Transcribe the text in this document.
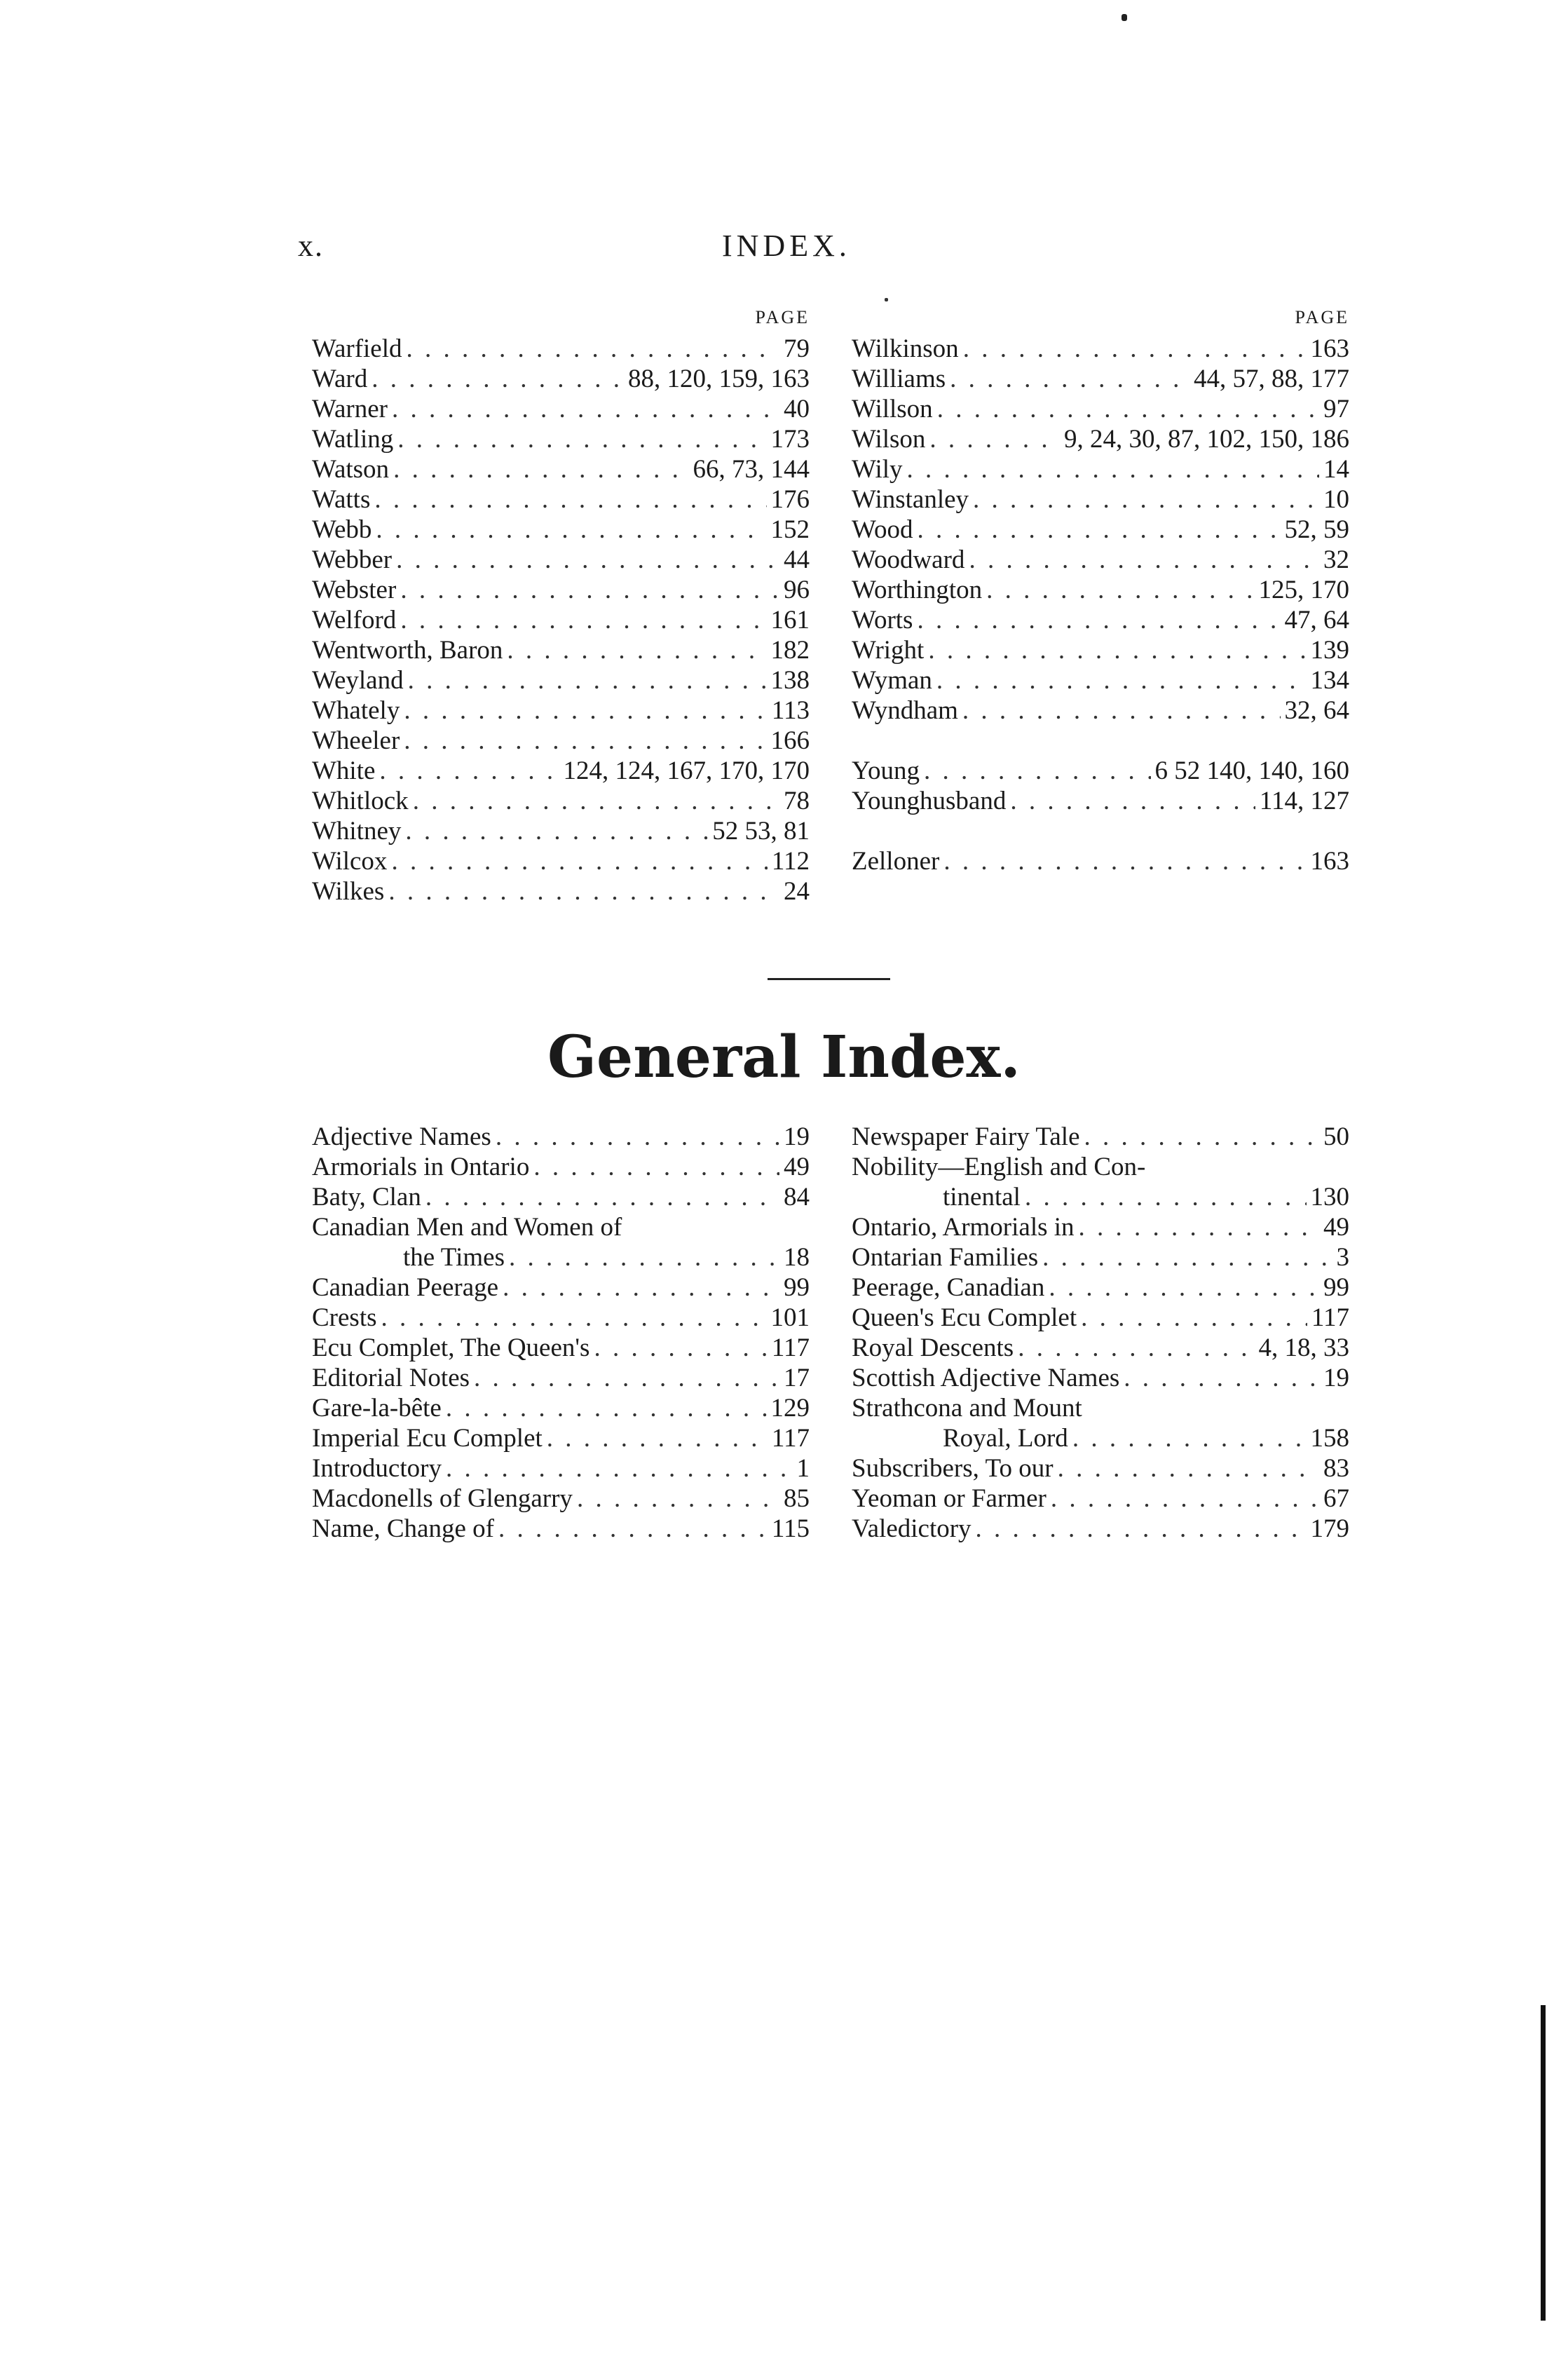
x.	INDEX.
PAGE
Warfield . . .	79
Ward . . .	88, 120, 159, 163
Warner . . .	40
Watling . . .	173
Watson . . .	66, 73, 144
Watts . . .	176
Webb . . .	152
Webber . . .	44
Webster . . .	96
Welford . . .	161
Wentworth, Baron . . .	182
Weyland . . .	138
Whately . . .	113
Wheeler . . .	166
White . . .	124, 124, 167, 170, 170
Whitlock . . .	78
Whitney . . .	52 53, 81
Wilcox . . .	112
Wilkes . . .	24
PAGE
Wilkinson . . .	163
Williams . . .	44, 57, 88, 177
Willson . . .	97
Wilson . . .	9, 24, 30, 87, 102, 150, 186
Wily . . .	14
Winstanley . . .	10
Wood . . .	52, 59
Woodward . . .	32
Worthington . . .	125, 170
Worts . . .	47, 64
Wright . . .	139
Wyman . . .	134
Wyndham . . .	32, 64
Young . . .	6 52 140, 140, 160
Younghusband . . .	114, 127
Zelloner . . .	163
General Index.
Adjective Names . . .	19
Armorials in Ontario . . .	49
Baty, Clan . . .	84
Canadian Men and Women of
the Times . . .	18
Canadian Peerage . . .	99
Crests . . .	101
Ecu Complet, The Queen's . . .	117
Editorial Notes . . .	17
Gare-la-bête . . .	129
Imperial Ecu Complet . . .	117
Introductory . . .	1
Macdonells of Glengarry . . .	85
Name, Change of . . .	115
Newspaper Fairy Tale . . .	50
Nobility—English and Con-
tinental . . .	130
Ontario, Armorials in . . .	49
Ontarian Families . . .	3
Peerage, Canadian . . .	99
Queen's Ecu Complet . . .	117
Royal Descents . . .	4, 18, 33
Scottish Adjective Names . . .	19
Strathcona and Mount
Royal, Lord . . .	158
Subscribers, To our . . .	83
Yeoman or Farmer . . .	67
Valedictory . . .	179
